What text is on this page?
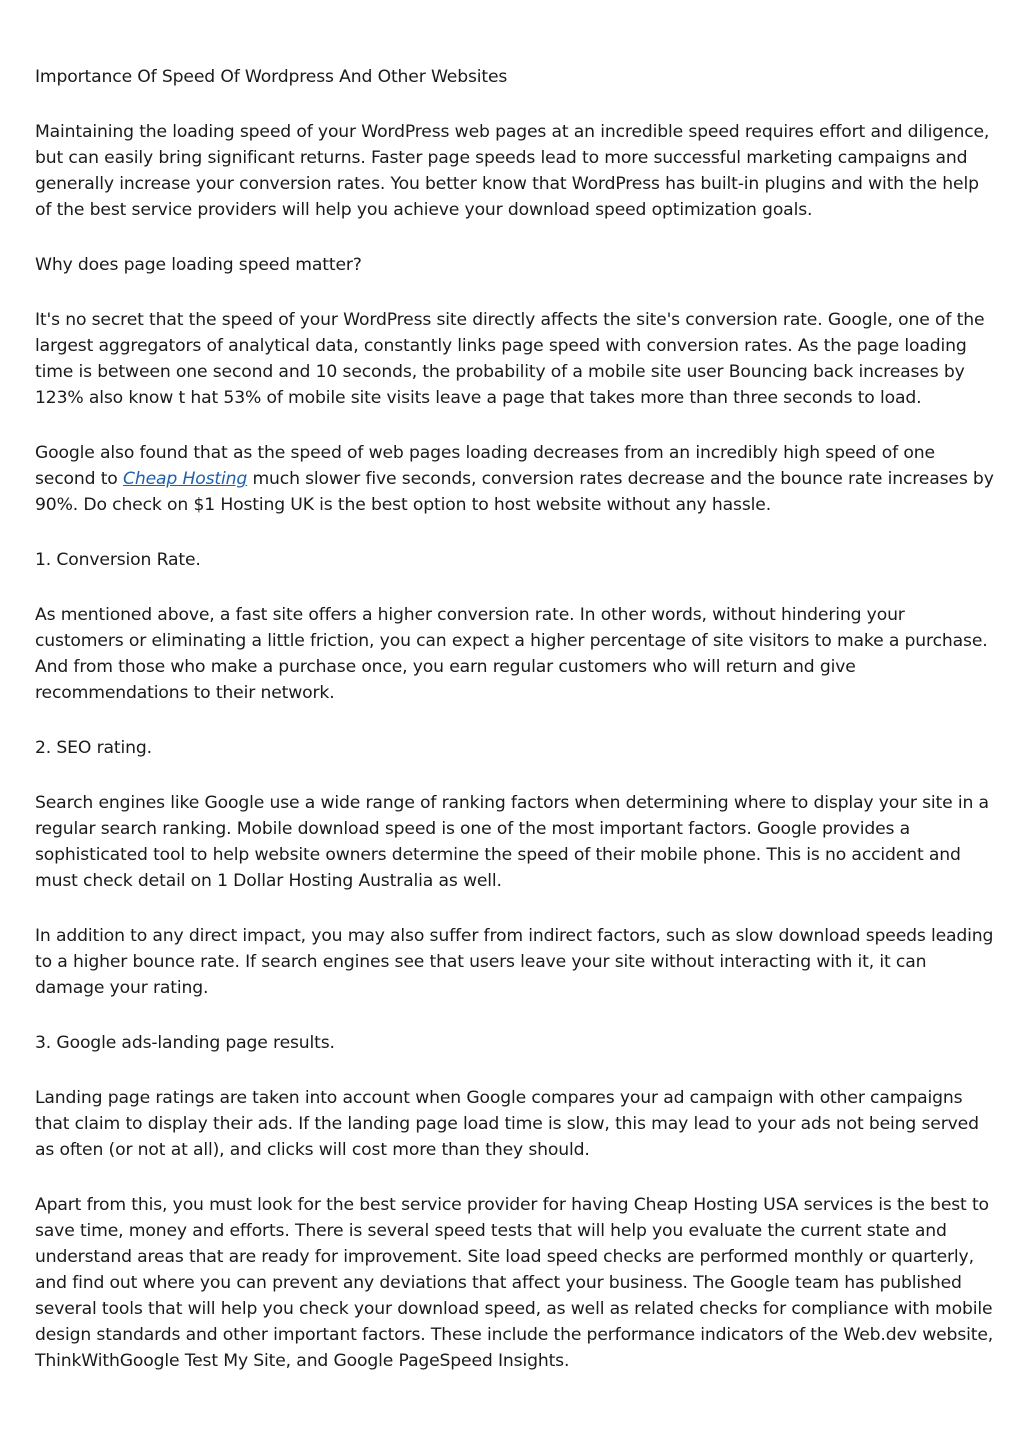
Importance Of Speed Of Wordpress And Other Websites

Maintaining the loading speed of your WordPress web pages at an incredible speed requires effort and diligence, but can easily bring significant returns. Faster page speeds lead to more successful marketing campaigns and generally increase your conversion rates. You better know that WordPress has built-in plugins and with the help of the best service providers will help you achieve your download speed optimization goals.

Why does page loading speed matter?

It's no secret that the speed of your WordPress site directly affects the site's conversion rate. Google, one of the largest aggregators of analytical data, constantly links page speed with conversion rates. As the page loading time is between one second and 10 seconds, the probability of a mobile site user Bouncing back increases by 123% also know t hat 53% of mobile site visits leave a page that takes more than three seconds to load.

Google also found that as the speed of web pages loading decreases from an incredibly high speed of one second to Cheap Hosting much slower five seconds, conversion rates decrease and the bounce rate increases by 90%. Do check on $1 Hosting UK is the best option to host website without any hassle.

1. Conversion Rate.

As mentioned above, a fast site offers a higher conversion rate. In other words, without hindering your customers or eliminating a little friction, you can expect a higher percentage of site visitors to make a purchase. And from those who make a purchase once, you earn regular customers who will return and give recommendations to their network.

2. SEO rating.

Search engines like Google use a wide range of ranking factors when determining where to display your site in a regular search ranking. Mobile download speed is one of the most important factors. Google provides a sophisticated tool to help website owners determine the speed of their mobile phone. This is no accident and must check detail on 1 Dollar Hosting Australia as well.

In addition to any direct impact, you may also suffer from indirect factors, such as slow download speeds leading to a higher bounce rate. If search engines see that users leave your site without interacting with it, it can damage your rating.

3. Google ads-landing page results.

Landing page ratings are taken into account when Google compares your ad campaign with other campaigns that claim to display their ads. If the landing page load time is slow, this may lead to your ads not being served as often (or not at all), and clicks will cost more than they should.

Apart from this, you must look for the best service provider for having Cheap Hosting USA services is the best to save time, money and efforts. There is several speed tests that will help you evaluate the current state and understand areas that are ready for improvement. Site load speed checks are performed monthly or quarterly, and find out where you can prevent any deviations that affect your business. The Google team has published several tools that will help you check your download speed, as well as related checks for compliance with mobile design standards and other important factors. These include the performance indicators of the Web.dev website, ThinkWithGoogle Test My Site, and Google PageSpeed Insights.
